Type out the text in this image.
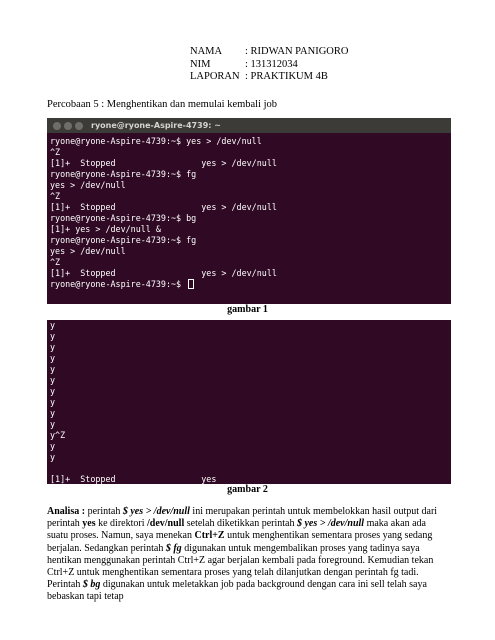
NAMA	: RIDWAN PANIGORO
NIM	: 131312034
LAPORAN : PRAKTIKUM 4B
Percobaan 5 : Menghentikan dan memulai kembali job
ryone@ryone-Aspire-4739: ~
ryone@ryone-Aspire-4739:~$ yes > /dev/null
^Z
[1]+  Stopped                 yes > /dev/null
ryone@ryone-Aspire-4739:~$ fg
yes > /dev/null
^Z
[1]+  Stopped                 yes > /dev/null
ryone@ryone-Aspire-4739:~$ bg
[1]+ yes > /dev/null &
ryone@ryone-Aspire-4739:~$ fg
yes > /dev/null
^Z
[1]+  Stopped                 yes > /dev/null
ryone@ryone-Aspire-4739:~$
gambar 1
y
y
y
y
y
y
y
y
y
y
y^Z
y
y
[1]+  Stopped                 yes
ryone@ryone-Aspire-4739:~$	gambar 2
Analisa : perintah $ yes > /dev/null ini merupakan perintah untuk membelokkan hasil output dari perintah yes ke direktori /dev/null setelah diketikkan perintah $ yes > /dev/null maka akan ada suatu proses. Namun, saya menekan Ctrl+Z untuk menghentikan sementara proses yang sedang berjalan. Sedangkan perintah $ fg digunakan untuk mengembalikan proses yang tadinya saya hentikan menggunakan perintah Ctrl+Z agar berjalan kembali pada foreground. Kemudian tekan Ctrl+Z untuk menghentikan sementara proses yang telah dilanjutkan dengan perintah fg tadi. Perintah $ bg digunakan untuk meletakkan job pada background dengan cara ini sell telah saya bebaskan tapi tetap
